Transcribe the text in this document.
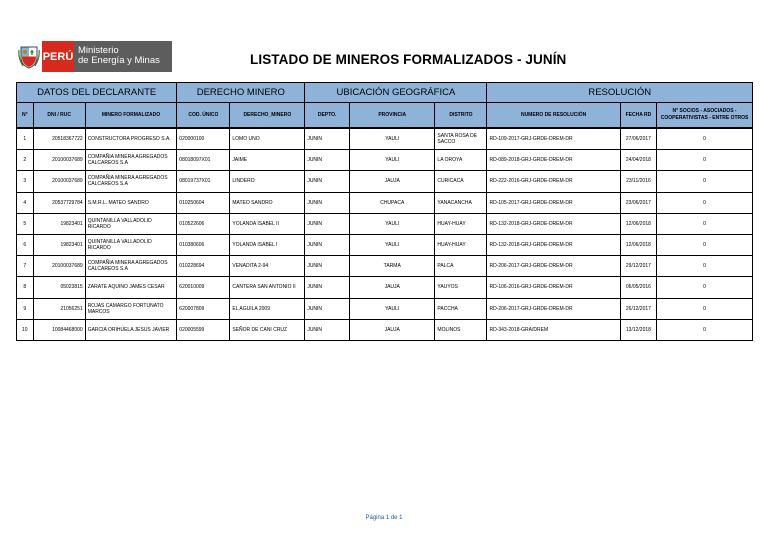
PERÚ Ministerio
de Energía y Minas	LISTADO DE MINEROS FORMALIZADOS - JUNÍN
DATOS DEL DECLARANTE			DERECHO MINERO		UBICACIÓN GEOGRÁFICA			RESOLUCIÓN		
N°	DNI / RUC	MINERO FORMALIZADO	COD. ÚNICO	DERECHO_MINERO	DEPTO.	PROVINCIA	DISTRITO	NUMERO DE RESOLUCIÓN	FECHA RD	N° SOCIOS - ASOCIADOS - COOPERATIVISTAS - ENTRE OTROS
1	20518367722	CONSTRUCTORA PROGRESO S.A.	020000100	LOMO UNO	JUNIN	YAULI	SANTA ROSA DE SACCO	RD-109-2017-GRJ-GRDE-DREM-DR	27/06/2017	0
2	20100037689	COMPAÑIA MINERA AGREGADOS CALCAREOS S.A	08018097X01	JAIME	JUNIN	YAULI	LA OROYA	RD-089-2018-GRJ-GRDE-DREM-DR	24/04/2018	0
3	20100037689	COMPAÑIA MINERA AGREGADOS CALCAREOS S.A	08019737X01	LINDERO	JUNIN	JAUJA	CURICACA	RD-222-2016-GRJ-GRDE-DREM-DR	23/11/2016	0
4	20537729784	S.M.R.L. MATEO SANDRO	010250604	MATEO SANDRO	JUNIN	CHUPACA	YANACANCHA	RD-105-2017-GRJ-GRDE-DREM-DR	23/06/2017	0
5	19823401	QUINTANILLA VALLADOLID RICARDO	010522606	YOLANDA ISABEL II	JUNIN	YAULI	HUAY-HUAY	RD-132-2018-GRJ-GRDE-DREM-DR	12/06/2018	0
6	19823401	QUINTANILLA VALLADOLID RICARDO	010380606	YOLANDA ISABEL I	JUNIN	YAULI	HUAY-HUAY	RD-132-2018-GRJ-GRDE-DREM-DR	12/06/2018	0
7	20100037689	COMPAÑIA MINERA AGREGADOS CALCAREOS S.A	010228694	VENADITA 2-94	JUNIN	TARMA	PALCA	RD-206-2017-GRJ-GRDE-DREM-DR	29/12/2017	0
8	05023815	ZARATE AQUINO JAMES CESAR	620010009	CANTERA SAN ANTONIO II	JUNIN	JAUJA	YAUYOS	RD-106-2016-GRJ-GRDE-DREM-DR	06/05/2016	0
9	21056251	ROJAS CAMARGO FORTUNATO MARCOS	620007809	EL AGUILA 2009	JUNIN	YAULI	PACCHA	RD-206-2017-GRJ-GRDE-DREM-DR	26/12/2017	0
10	10084468000	GARCIA ORIHUELA JESUS JAVIER	020005599	SEÑOR DE CANI CRUZ	JUNIN	JAUJA	MOLINOS	RD-343-2018-GRA/DREM	13/12/2018	0
Página 1 de 1
